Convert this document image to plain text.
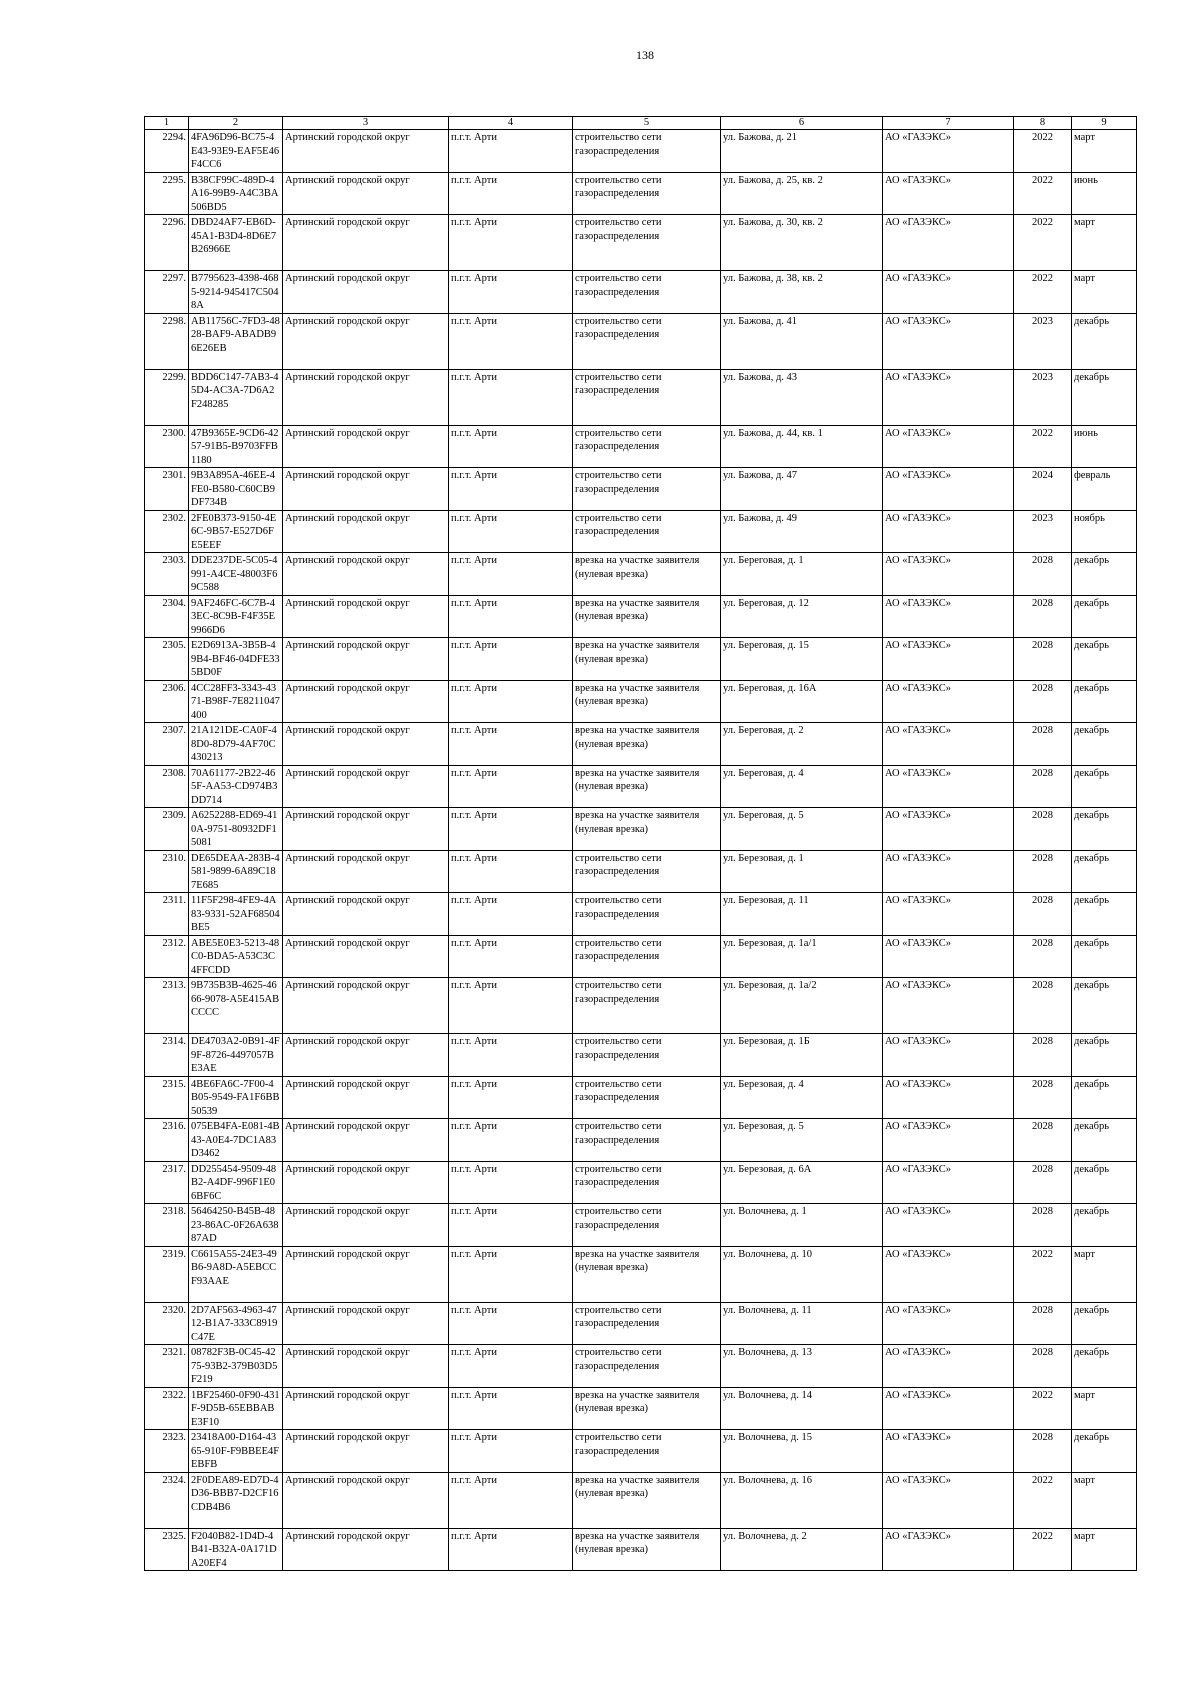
138
1	2	3	4	5	6	7	8	9
2294.	4FA96D96-BC75-4E43-93E9-EAF5E46F4CC6	Артинский городской округ	п.г.т. Арти	строительство сети газораспределения	ул. Бажова, д. 21	АО «ГАЗЭКС»	2022	март
2295.	B38CF99C-489D-4A16-99B9-A4C3BA506BD5	Артинский городской округ	п.г.т. Арти	строительство сети газораспределения	ул. Бажова, д. 25, кв. 2	АО «ГАЗЭКС»	2022	июнь
2296.	DBD24AF7-EB6D-45A1-B3D4-8D6E7B26966E	Артинский городской округ	п.г.т. Арти	строительство сети газораспределения	ул. Бажова, д. 30, кв. 2	АО «ГАЗЭКС»	2022	март
2297.	B7795623-4398-4685-9214-945417C5048A	Артинский городской округ	п.г.т. Арти	строительство сети газораспределения	ул. Бажова, д. 38, кв. 2	АО «ГАЗЭКС»	2022	март
2298.	AB11756C-7FD3-4828-BAF9-ABADB96E26EB	Артинский городской округ	п.г.т. Арти	строительство сети газораспределения	ул. Бажова, д. 41	АО «ГАЗЭКС»	2023	декабрь
2299.	BDD6C147-7AB3-45D4-AC3A-7D6A2F248285	Артинский городской округ	п.г.т. Арти	строительство сети газораспределения	ул. Бажова, д. 43	АО «ГАЗЭКС»	2023	декабрь
2300.	47B9365E-9CD6-4257-91B5-B9703FFB1180	Артинский городской округ	п.г.т. Арти	строительство сети газораспределения	ул. Бажова, д. 44, кв. 1	АО «ГАЗЭКС»	2022	июнь
2301.	9B3A895A-46EE-4FE0-B580-C60CB9DF734B	Артинский городской округ	п.г.т. Арти	строительство сети газораспределения	ул. Бажова, д. 47	АО «ГАЗЭКС»	2024	февраль
2302.	2FE0B373-9150-4E6C-9B57-E527D6FE5EEF	Артинский городской округ	п.г.т. Арти	строительство сети газораспределения	ул. Бажова, д. 49	АО «ГАЗЭКС»	2023	ноябрь
2303.	DDE237DE-5C05-4991-A4CE-48003F69C588	Артинский городской округ	п.г.т. Арти	врезка на участке заявителя (нулевая врезка)	ул. Береговая, д. 1	АО «ГАЗЭКС»	2028	декабрь
2304.	9AF246FC-6C7B-43EC-8C9B-F4F35E9966D6	Артинский городской округ	п.г.т. Арти	врезка на участке заявителя (нулевая врезка)	ул. Береговая, д. 12	АО «ГАЗЭКС»	2028	декабрь
2305.	E2D6913A-3B5B-49B4-BF46-04DFE335BD0F	Артинский городской округ	п.г.т. Арти	врезка на участке заявителя (нулевая врезка)	ул. Береговая, д. 15	АО «ГАЗЭКС»	2028	декабрь
2306.	4CC28FF3-3343-4371-B98F-7E8211047400	Артинский городской округ	п.г.т. Арти	врезка на участке заявителя (нулевая врезка)	ул. Береговая, д. 16А	АО «ГАЗЭКС»	2028	декабрь
2307.	21A121DE-CA0F-48D0-8D79-4AF70C430213	Артинский городской округ	п.г.т. Арти	врезка на участке заявителя (нулевая врезка)	ул. Береговая, д. 2	АО «ГАЗЭКС»	2028	декабрь
2308.	70A61177-2B22-465F-AA53-CD974B3DD714	Артинский городской округ	п.г.т. Арти	врезка на участке заявителя (нулевая врезка)	ул. Береговая, д. 4	АО «ГАЗЭКС»	2028	декабрь
2309.	A6252288-ED69-410A-9751-80932DF15081	Артинский городской округ	п.г.т. Арти	врезка на участке заявителя (нулевая врезка)	ул. Береговая, д. 5	АО «ГАЗЭКС»	2028	декабрь
2310.	DE65DEAA-283B-4581-9899-6A89C187E685	Артинский городской округ	п.г.т. Арти	строительство сети газораспределения	ул. Березовая, д. 1	АО «ГАЗЭКС»	2028	декабрь
2311.	11F5F298-4FE9-4A83-9331-52AF68504BE5	Артинский городской округ	п.г.т. Арти	строительство сети газораспределения	ул. Березовая, д. 11	АО «ГАЗЭКС»	2028	декабрь
2312.	ABE5E0E3-5213-48C0-BDA5-A53C3C4FFCDD	Артинский городской округ	п.г.т. Арти	строительство сети газораспределения	ул. Березовая, д. 1а/1	АО «ГАЗЭКС»	2028	декабрь
2313.	9B735B3B-4625-4666-9078-A5E415ABCCCC	Артинский городской округ	п.г.т. Арти	строительство сети газораспределения	ул. Березовая, д. 1а/2	АО «ГАЗЭКС»	2028	декабрь
2314.	DE4703A2-0B91-4F9F-8726-4497057BE3AE	Артинский городской округ	п.г.т. Арти	строительство сети газораспределения	ул. Березовая, д. 1Б	АО «ГАЗЭКС»	2028	декабрь
2315.	4BE6FA6C-7F00-4B05-9549-FA1F6BB50539	Артинский городской округ	п.г.т. Арти	строительство сети газораспределения	ул. Березовая, д. 4	АО «ГАЗЭКС»	2028	декабрь
2316.	075EB4FA-E081-4B43-A0E4-7DC1A83D3462	Артинский городской округ	п.г.т. Арти	строительство сети газораспределения	ул. Березовая, д. 5	АО «ГАЗЭКС»	2028	декабрь
2317.	DD255454-9509-48B2-A4DF-996F1E06BF6C	Артинский городской округ	п.г.т. Арти	строительство сети газораспределения	ул. Березовая, д. 6А	АО «ГАЗЭКС»	2028	декабрь
2318.	56464250-B45B-4823-86AC-0F26A63887AD	Артинский городской округ	п.г.т. Арти	строительство сети газораспределения	ул. Волочнева, д. 1	АО «ГАЗЭКС»	2028	декабрь
2319.	C6615A55-24E3-49B6-9A8D-A5EBCCF93AAE	Артинский городской округ	п.г.т. Арти	врезка на участке заявителя (нулевая врезка)	ул. Волочнева, д. 10	АО «ГАЗЭКС»	2022	март
2320.	2D7AF563-4963-4712-B1A7-333C8919C47E	Артинский городской округ	п.г.т. Арти	строительство сети газораспределения	ул. Волочнева, д. 11	АО «ГАЗЭКС»	2028	декабрь
2321.	08782F3B-0C45-4275-93B2-379B03D5F219	Артинский городской округ	п.г.т. Арти	строительство сети газораспределения	ул. Волочнева, д. 13	АО «ГАЗЭКС»	2028	декабрь
2322.	1BF25460-0F90-431F-9D5B-65EBBABE3F10	Артинский городской округ	п.г.т. Арти	врезка на участке заявителя (нулевая врезка)	ул. Волочнева, д. 14	АО «ГАЗЭКС»	2022	март
2323.	23418A00-D164-4365-910F-F9BBEE4FEBFB	Артинский городской округ	п.г.т. Арти	строительство сети газораспределения	ул. Волочнева, д. 15	АО «ГАЗЭКС»	2028	декабрь
2324.	2F0DEA89-ED7D-4D36-BBB7-D2CF16CDB4B6	Артинский городской округ	п.г.т. Арти	врезка на участке заявителя (нулевая врезка)	ул. Волочнева, д. 16	АО «ГАЗЭКС»	2022	март
2325.	F2040B82-1D4D-4B41-B32A-0A171DA20EF4	Артинский городской округ	п.г.т. Арти	врезка на участке заявителя (нулевая врезка)	ул. Волочнева, д. 2	АО «ГАЗЭКС»	2022	март
